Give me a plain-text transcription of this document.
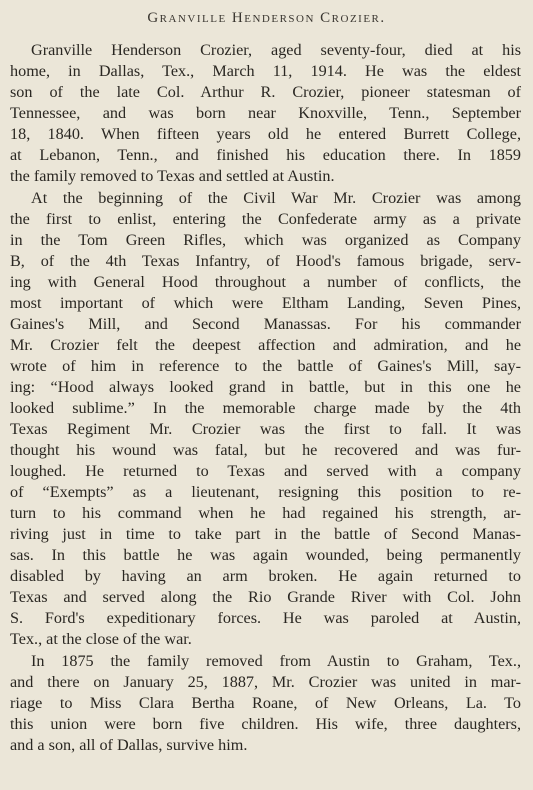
Granville Henderson Crozier.
Granville Henderson Crozier, aged seventy-four, died at his
home, in Dallas, Tex., March 11, 1914. He was the eldest
son of the late Col. Arthur R. Crozier, pioneer statesman of
Tennessee, and was born near Knoxville, Tenn., September
18, 1840. When fifteen years old he entered Burrett College,
at Lebanon, Tenn., and finished his education there. In 1859
the family removed to Texas and settled at Austin.
At the beginning of the Civil War Mr. Crozier was among
the first to enlist, entering the Confederate army as a private
in the Tom Green Rifles, which was organized as Company
B, of the 4th Texas Infantry, of Hood's famous brigade, serv-
ing with General Hood throughout a number of conflicts, the
most important of which were Eltham Landing, Seven Pines,
Gaines's Mill, and Second Manassas. For his commander
Mr. Crozier felt the deepest affection and admiration, and he
wrote of him in reference to the battle of Gaines's Mill, say-
ing: “Hood always looked grand in battle, but in this one he
looked sublime.” In the memorable charge made by the 4th
Texas Regiment Mr. Crozier was the first to fall. It was
thought his wound was fatal, but he recovered and was fur-
loughed. He returned to Texas and served with a company
of “Exempts” as a lieutenant, resigning this position to re-
turn to his command when he had regained his strength, ar-
riving just in time to take part in the battle of Second Manas-
sas. In this battle he was again wounded, being permanently
disabled by having an arm broken. He again returned to
Texas and served along the Rio Grande River with Col. John
S. Ford's expeditionary forces. He was paroled at Austin,
Tex., at the close of the war.
In 1875 the family removed from Austin to Graham, Tex.,
and there on January 25, 1887, Mr. Crozier was united in mar-
riage to Miss Clara Bertha Roane, of New Orleans, La. To
this union were born five children. His wife, three daughters,
and a son, all of Dallas, survive him.
